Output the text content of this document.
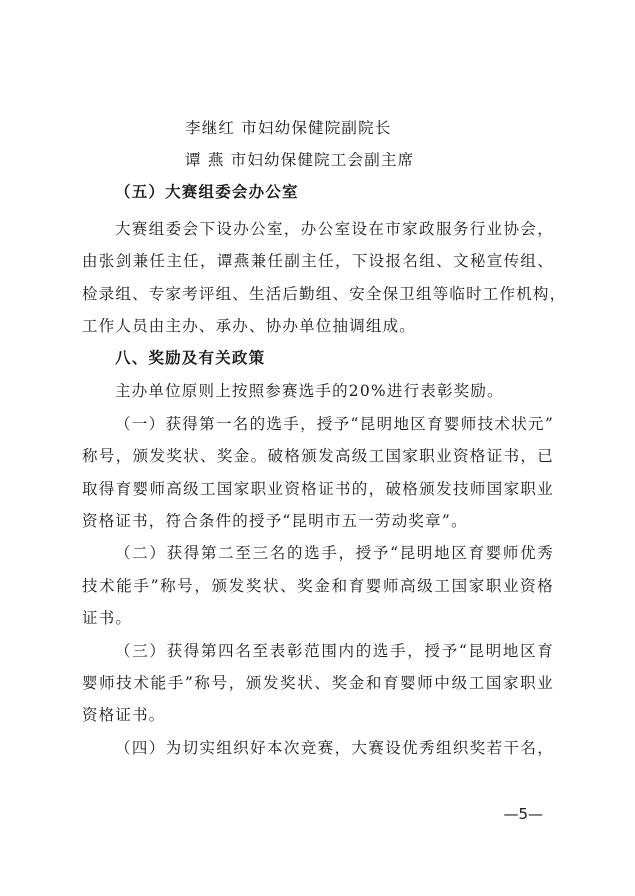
李继红 市妇幼保健院副院长
谭 燕 市妇幼保健院工会副主席
（五）大赛组委会办公室
大赛组委会下设办公室，办公室设在市家政服务行业协会，
由张剑兼任主任，谭燕兼任副主任，下设报名组、文秘宣传组、
检录组、专家考评组、生活后勤组、安全保卫组等临时工作机构，
工作人员由主办、承办、协办单位抽调组成。
八、奖励及有关政策
主办单位原则上按照参赛选手的20%进行表彰奖励。
（一）获得第一名的选手，授予“昆明地区育婴师技术状元”
称号，颁发奖状、奖金。破格颁发高级工国家职业资格证书，已
取得育婴师高级工国家职业资格证书的，破格颁发技师国家职业
资格证书，符合条件的授予“昆明市五一劳动奖章”。
（二）获得第二至三名的选手，授予“昆明地区育婴师优秀
技术能手”称号，颁发奖状、奖金和育婴师高级工国家职业资格
证书。
（三）获得第四名至表彰范围内的选手，授予“昆明地区育
婴师技术能手”称号，颁发奖状、奖金和育婴师中级工国家职业
资格证书。
（四）为切实组织好本次竞赛，大赛设优秀组织奖若干名，
—5—
